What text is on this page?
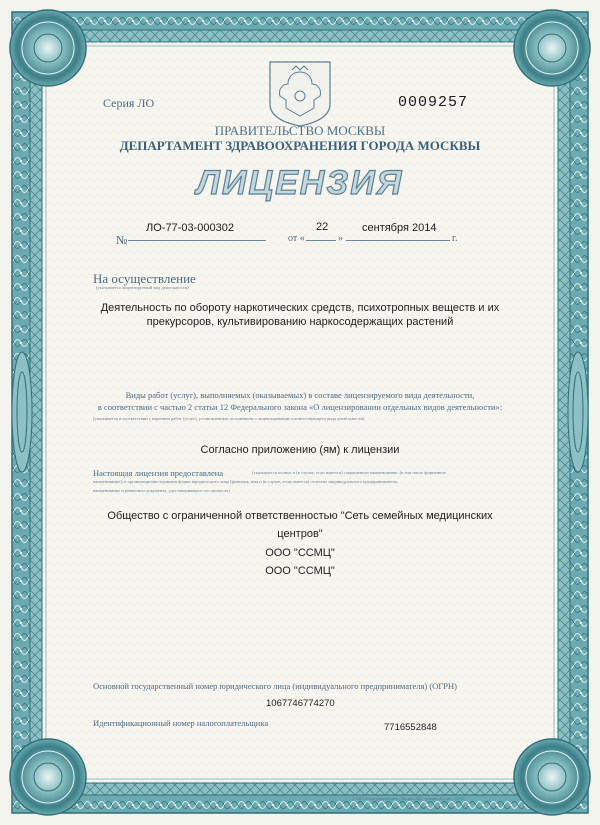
Серия ЛО	0009257
ПРАВИТЕЛЬСТВО МОСКВЫ
ДЕПАРТАМЕНТ ЗДРАВООХРАНЕНИЯ ГОРОДА МОСКВЫ
ЛИЦЕНЗИЯ
№
ЛО-77-03-000302
от «
22
»
сентября 2014
г.
На осуществление
(указывается лицензируемый вид деятельности)
Деятельность по обороту наркотических средств, психотропных веществ и их прекурсоров, культивированию наркосодержащих растений
Виды работ (услуг), выполняемых (оказываемых) в составе лицензируемого вида деятельности,
в соответствии с частью 2 статьи 12 Федерального закона «О лицензировании отдельных видов деятельности»:
(указывается в соответствии с перечнем работ (услуг), установленным положением о лицензировании соответствующего вида деятельности)
Согласно приложению (ям) к лицензии
Настоящая лицензия предоставлена	(указывается полное и (в случае, если имеется) сокращенное наименование, (в том числе фирменное
наименование), и организационно-правовая форма юридического лица (фамилия, имя и (в случае, если имеется) отчество индивидуального предпринимателя,
наименование и реквизиты документа, удостоверяющего его личность)
Общество с ограниченной ответственностью "Сеть семейных медицинских
центров"
ООО "ССМЦ"
ООО "ССМЦ"
Основной государственный номер юридического лица (индивидуального предпринимателя) (ОГРН)
1067746774270
Идентификационный номер налогоплательщика	7716552848
© ЗАО «Полиграфкомплект», Москва, 2012, уровень «Б», лиц. 133-55
